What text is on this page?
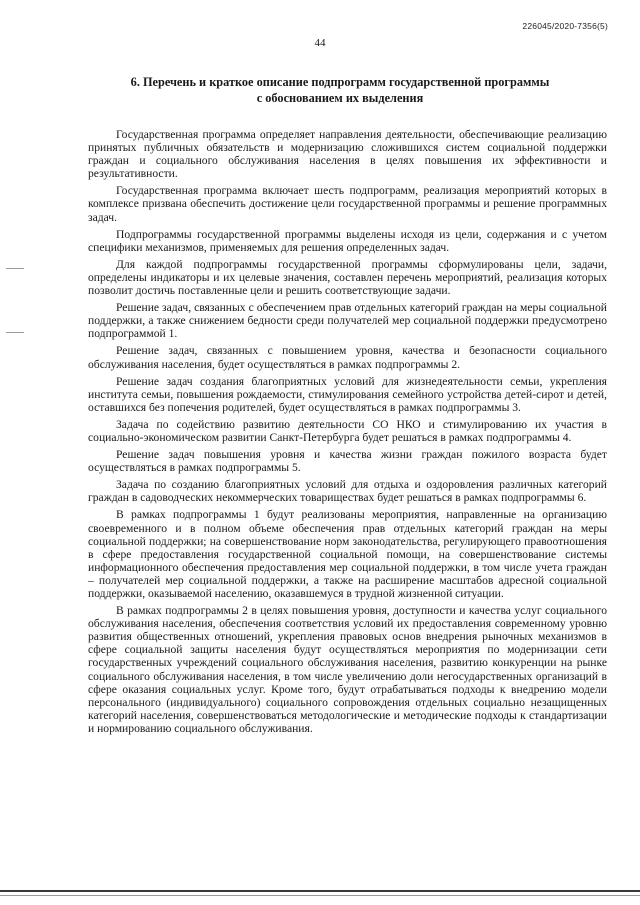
226045/2020-7356(5)
44
6. Перечень и краткое описание подпрограмм государственной программы
с обоснованием их выделения

Государственная программа определяет направления деятельности, обеспечивающие реализацию принятых публичных обязательств и модернизацию сложившихся систем социальной поддержки граждан и социального обслуживания населения в целях повышения их эффективности и результативности.

Государственная программа включает шесть подпрограмм, реализация мероприятий которых в комплексе призвана обеспечить достижение цели государственной программы и решение программных задач.

Подпрограммы государственной программы выделены исходя из цели, содержания и с учетом специфики механизмов, применяемых для решения определенных задач.

Для каждой подпрограммы государственной программы сформулированы цели, задачи, определены индикаторы и их целевые значения, составлен перечень мероприятий, реализация которых позволит достичь поставленные цели и решить соответствующие задачи.

Решение задач, связанных с обеспечением прав отдельных категорий граждан на меры социальной поддержки, а также снижением бедности среди получателей мер социальной поддержки предусмотрено подпрограммой 1.

Решение задач, связанных с повышением уровня, качества и безопасности социального обслуживания населения, будет осуществляться в рамках подпрограммы 2.

Решение задач создания благоприятных условий для жизнедеятельности семьи, укрепления института семьи, повышения рождаемости, стимулирования семейного устройства детей-сирот и детей, оставшихся без попечения родителей, будет осуществляться в рамках подпрограммы 3.

Задача по содействию развитию деятельности СО НКО и стимулированию их участия в социально-экономическом развитии Санкт-Петербурга будет решаться в рамках подпрограммы 4.

Решение задач повышения уровня и качества жизни граждан пожилого возраста будет осуществляться в рамках подпрограммы 5.

Задача по созданию благоприятных условий для отдыха и оздоровления различных категорий граждан в садоводческих некоммерческих товариществах будет решаться в рамках подпрограммы 6.

В рамках подпрограммы 1 будут реализованы мероприятия, направленные на организацию своевременного и в полном объеме обеспечения прав отдельных категорий граждан на меры социальной поддержки; на совершенствование норм законодательства, регулирующего правоотношения в сфере предоставления государственной социальной помощи, на совершенствование системы информационного обеспечения предоставления мер социальной поддержки, в том числе учета граждан – получателей мер социальной поддержки, а также на расширение масштабов адресной социальной поддержки, оказываемой населению, оказавшемуся в трудной жизненной ситуации.

В рамках подпрограммы 2 в целях повышения уровня, доступности и качества услуг социального обслуживания населения, обеспечения соответствия условий их предоставления современному уровню развития общественных отношений, укрепления правовых основ внедрения рыночных механизмов в сфере социальной защиты населения будут осуществляться мероприятия по модернизации сети государственных учреждений социального обслуживания населения, развитию конкуренции на рынке социального обслуживания населения, в том числе увеличению доли негосударственных организаций в сфере оказания социальных услуг. Кроме того, будут отрабатываться подходы к внедрению модели персонального (индивидуального) социального сопровождения отдельных социально незащищенных категорий населения, совершенствоваться методологические и методические подходы к стандартизации и нормированию социального обслуживания.
